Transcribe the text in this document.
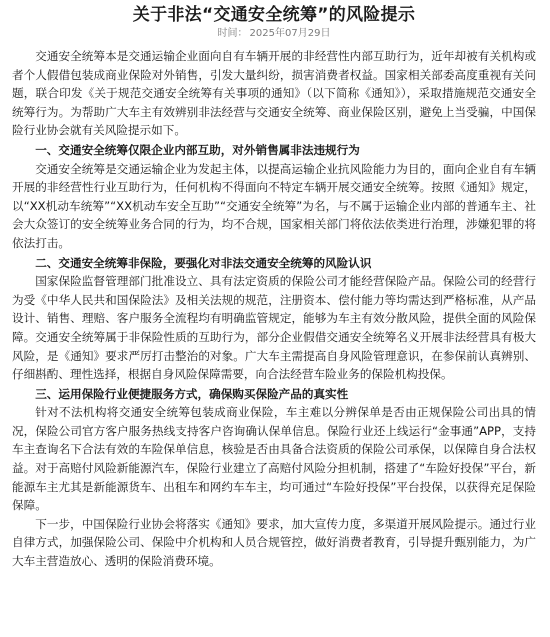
关于非法“交通安全统筹”的风险提示
时间： 2025年07月29日

交通安全统筹本是交通运输企业面向自有车辆开展的非经营性内部互助行为，近年却被有关机构或者个人假借包装成商业保险对外销售，引发大量纠纷，损害消费者权益。国家相关部委高度重视有关问题，联合印发《关于规范交通安全统筹有关事项的通知》（以下简称《通知》），采取措施规范交通安全统筹行为。为帮助广大车主有效辨别非法经营与交通安全统筹、商业保险区别，避免上当受骗，中国保险行业协会就有关风险提示如下。

一、交通安全统筹仅限企业内部互助，对外销售属非法违规行为

交通安全统筹是交通运输企业为发起主体，以提高运输企业抗风险能力为目的，面向企业自有车辆开展的非经营性行业互助行为，任何机构不得面向不特定车辆开展交通安全统筹。按照《通知》规定，以“XX机动车统筹”“XX机动车安全互助”“交通安全统筹”为名，与不属于运输企业内部的普通车主、社会大众签订的安全统筹业务合同的行为，均不合规，国家相关部门将依法依类进行治理，涉嫌犯罪的将依法打击。

二、交通安全统筹非保险，要强化对非法交通安全统筹的风险认识

国家保险监督管理部门批准设立、具有法定资质的保险公司才能经营保险产品。保险公司的经营行为受《中华人民共和国保险法》及相关法规的规范，注册资本、偿付能力等均需达到严格标准，从产品设计、销售、理赔、客户服务全流程均有明确监管规定，能够为车主有效分散风险，提供全面的风险保障。交通安全统筹属于非保险性质的互助行为，部分企业假借交通安全统筹名义开展非法经营具有极大风险，是《通知》要求严厉打击整治的对象。广大车主需提高自身风险管理意识，在参保前认真辨别、仔细斟酌、理性选择，根据自身风险保障需要，向合法经营车险业务的保险机构投保。

三、运用保险行业便捷服务方式，确保购买保险产品的真实性

针对不法机构将交通安全统筹包装成商业保险，车主难以分辨保单是否由正规保险公司出具的情况，保险公司官方客户服务热线支持客户咨询确认保单信息。保险行业还上线运行“金事通”APP，支持车主查询名下合法有效的车险保单信息，核验是否由具备合法资质的保险公司承保，以保障自身合法权益。对于高赔付风险新能源汽车，保险行业建立了高赔付风险分担机制，搭建了“车险好投保”平台，新能源车主尤其是新能源货车、出租车和网约车车主，均可通过“车险好投保”平台投保，以获得充足保险保障。

下一步，中国保险行业协会将落实《通知》要求，加大宣传力度，多渠道开展风险提示。通过行业自律方式，加强保险公司、保险中介机构和人员合规管控，做好消费者教育，引导提升甄别能力，为广大车主营造放心、透明的保险消费环境。
